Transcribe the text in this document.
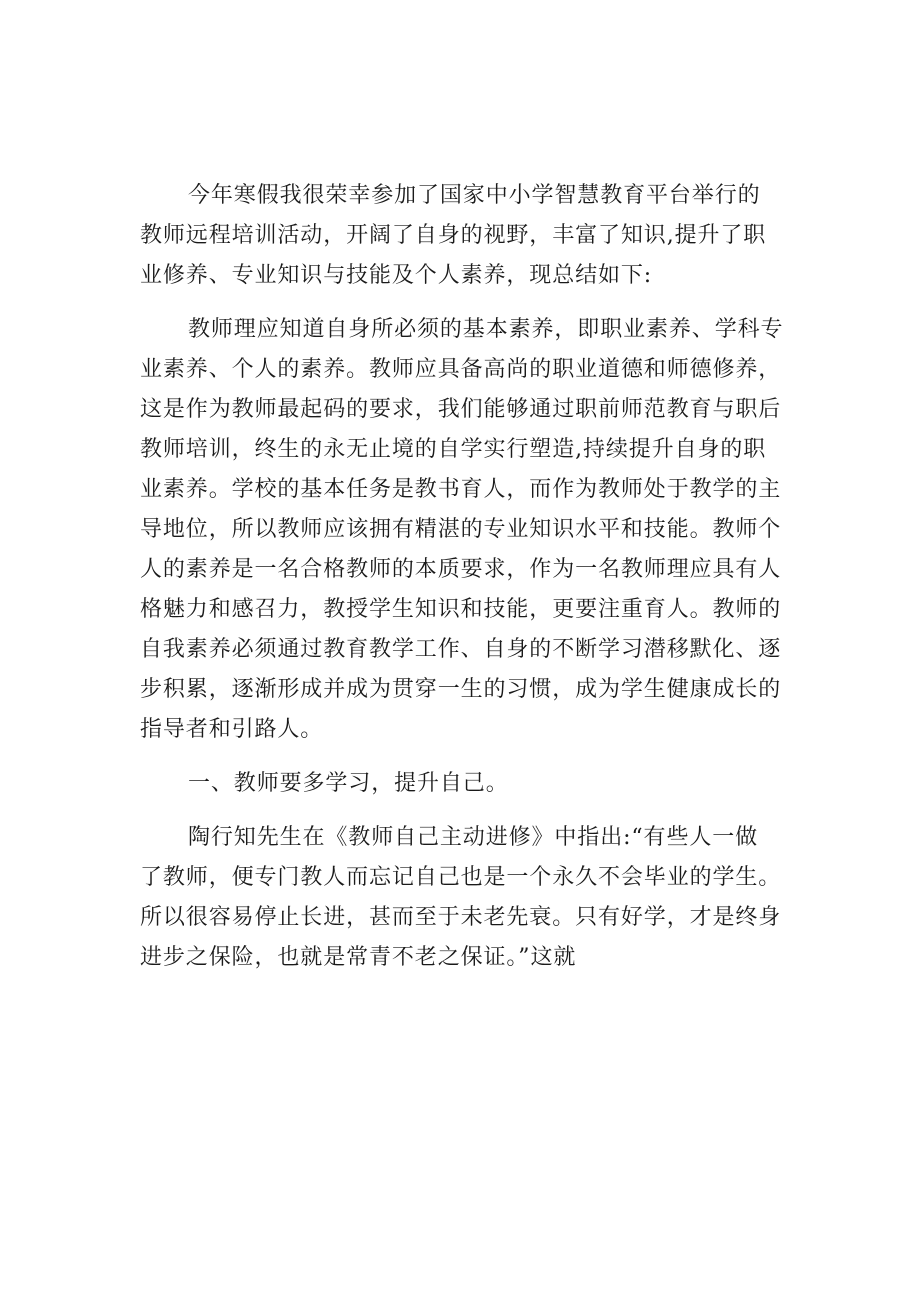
今年寒假我很荣幸参加了国家中小学智慧教育平台举行的
教师远程培训活动，开阔了自身的视野，丰富了知识,提升了职
业修养、专业知识与技能及个人素养，现总结如下:
教师理应知道自身所必须的基本素养，即职业素养、学科专
业素养、个人的素养。教师应具备高尚的职业道德和师德修养，
这是作为教师最起码的要求，我们能够通过职前师范教育与职后
教师培训，终生的永无止境的自学实行塑造,持续提升自身的职
业素养。学校的基本任务是教书育人，而作为教师处于教学的主
导地位，所以教师应该拥有精湛的专业知识水平和技能。教师个
人的素养是一名合格教师的本质要求，作为一名教师理应具有人
格魅力和感召力，教授学生知识和技能，更要注重育人。教师的
自我素养必须通过教育教学工作、自身的不断学习潜移默化、逐
步积累，逐渐形成并成为贯穿一生的习惯，成为学生健康成长的
指导者和引路人。
一、教师要多学习，提升自己。
陶行知先生在《教师自己主动进修》中指出:“有些人一做
了教师，便专门教人而忘记自己也是一个永久不会毕业的学生。
所以很容易停止长进，甚而至于未老先衰。只有好学，才是终身
进步之保险，也就是常青不老之保证。”这就
